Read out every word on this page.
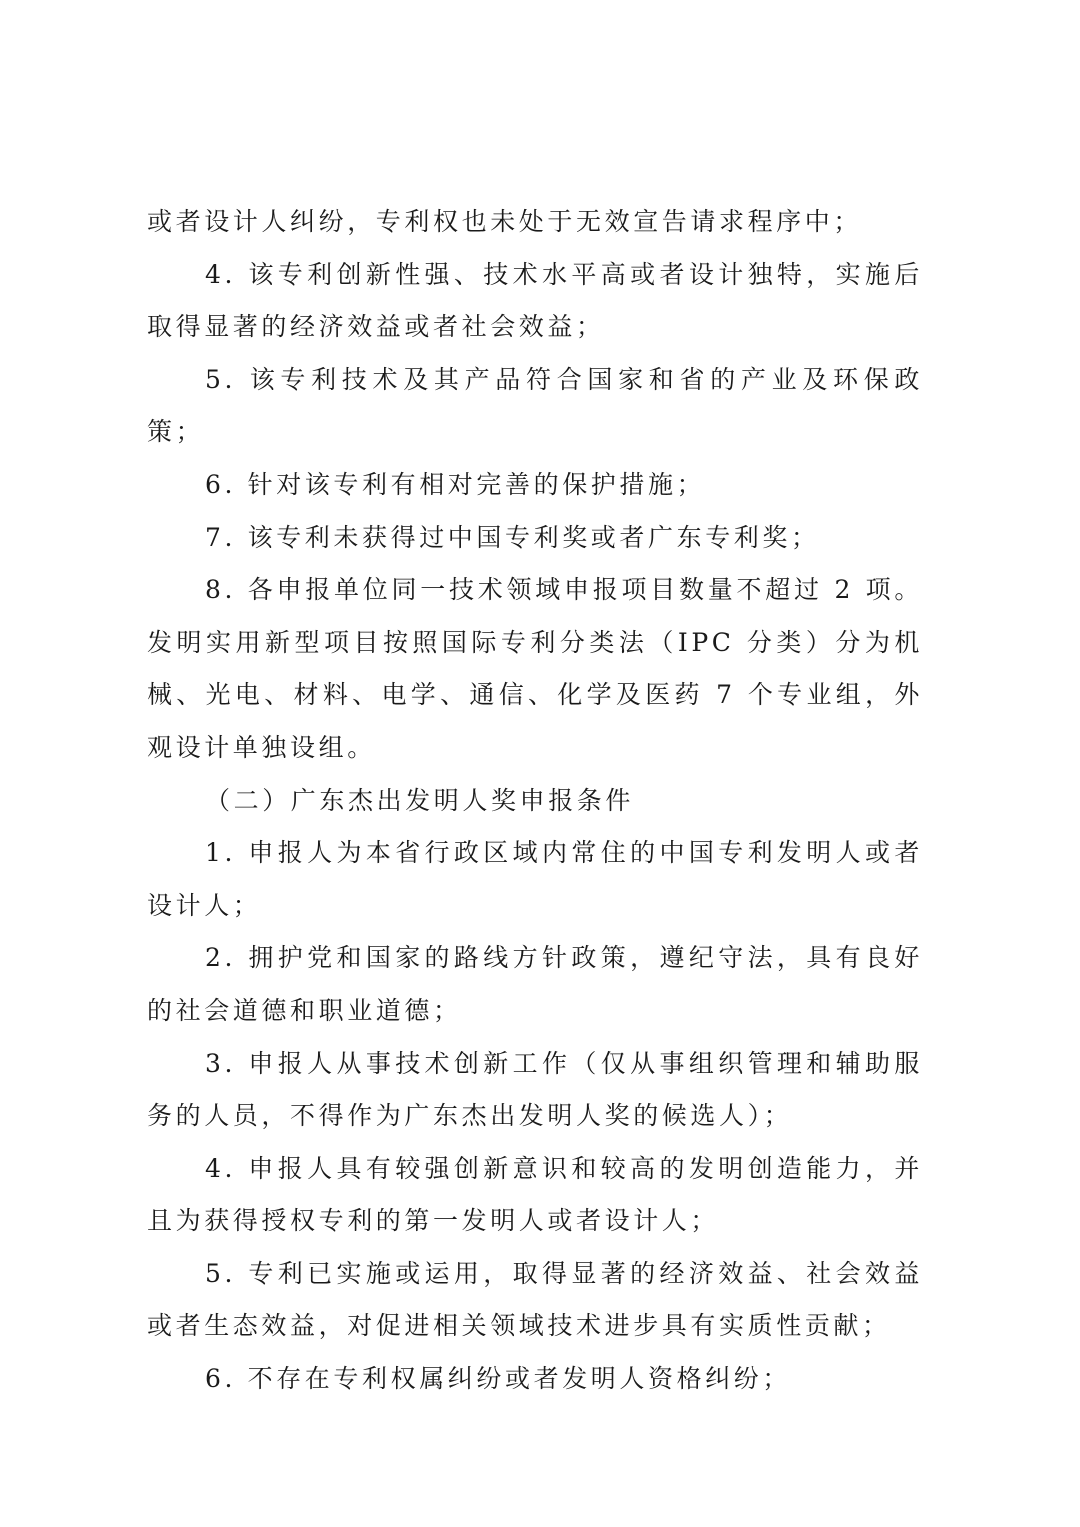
或者设计人纠纷，专利权也未处于无效宣告请求程序中；

4. 该专利创新性强、技术水平高或者设计独特，实施后取得显著的经济效益或者社会效益；

5. 该专利技术及其产品符合国家和省的产业及环保政策；

6. 针对该专利有相对完善的保护措施；

7. 该专利未获得过中国专利奖或者广东专利奖；

8. 各申报单位同一技术领域申报项目数量不超过 2 项。发明实用新型项目按照国际专利分类法（IPC 分类）分为机械、光电、材料、电学、通信、化学及医药 7 个专业组，外观设计单独设组。

（二）广东杰出发明人奖申报条件

1. 申报人为本省行政区域内常住的中国专利发明人或者设计人；

2. 拥护党和国家的路线方针政策，遵纪守法，具有良好的社会道德和职业道德；

3. 申报人从事技术创新工作（仅从事组织管理和辅助服务的人员，不得作为广东杰出发明人奖的候选人）；

4. 申报人具有较强创新意识和较高的发明创造能力，并且为获得授权专利的第一发明人或者设计人；

5. 专利已实施或运用，取得显著的经济效益、社会效益或者生态效益，对促进相关领域技术进步具有实质性贡献；

6. 不存在专利权属纠纷或者发明人资格纠纷；
